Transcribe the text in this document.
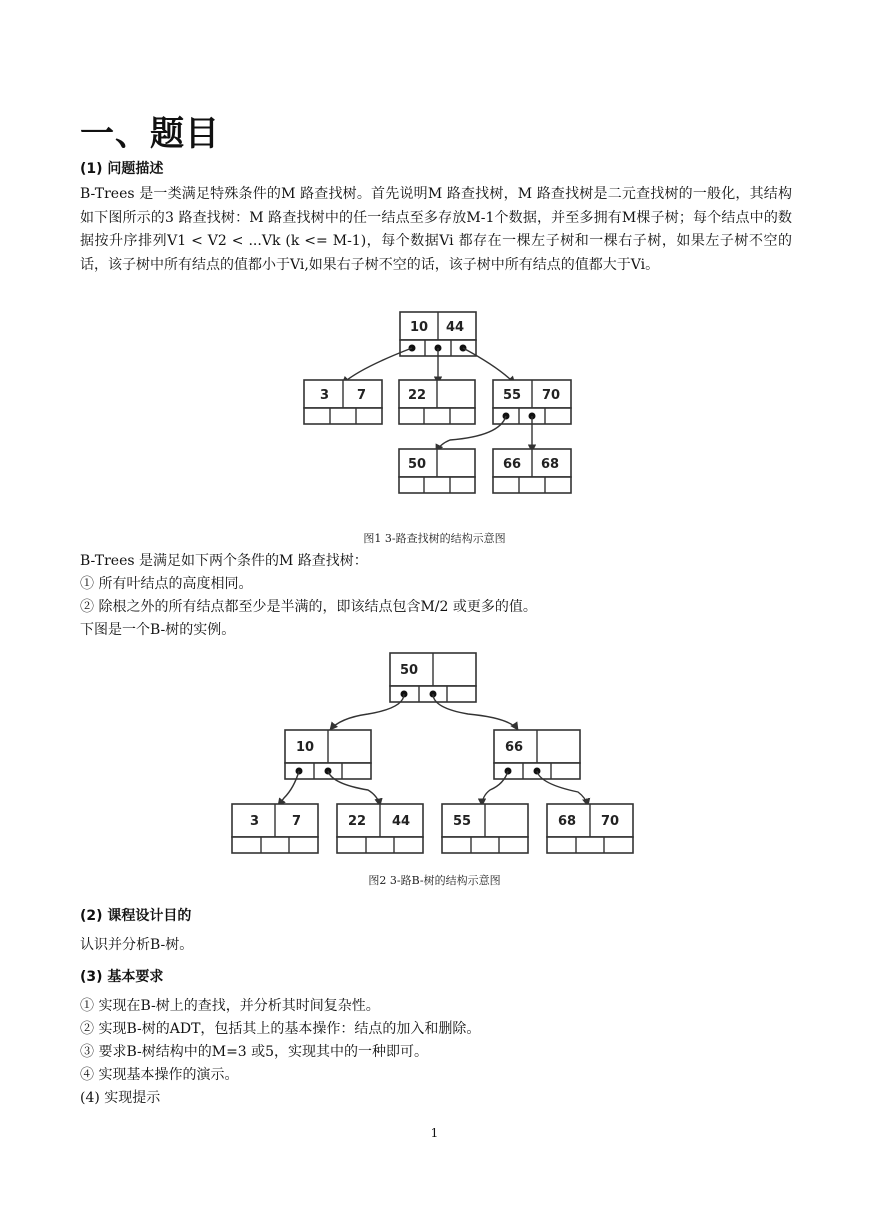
一、题目
(1) 问题描述
B-Trees 是一类满足特殊条件的M 路查找树。首先说明M 路查找树，M 路查找树是二元查找树的一般化，其结构如下图所示的3 路查找树：M 路查找树中的任一结点至多存放M-1个数据，并至多拥有M棵子树；每个结点中的数据按升序排列V1 < V2 < ...Vk (k <= M-1)，每个数据Vi 都存在一棵左子树和一棵右子树，如果左子树不空的话，该子树中所有结点的值都小于Vi,如果右子树不空的话，该子树中所有结点的值都大于Vi。
10 44
3 7	22	55 70
50	66 68
图1 3-路查找树的结构示意图
B-Trees 是满足如下两个条件的M 路查找树：
① 所有叶结点的高度相同。
② 除根之外的所有结点都至少是半满的，即该结点包含M/2 或更多的值。
下图是一个B-树的实例。
50
10	66
3	7	22 44	55	68 70
图2 3-路B-树的结构示意图
(2) 课程设计目的
认识并分析B-树。
(3) 基本要求
① 实现在B-树上的查找，并分析其时间复杂性。
② 实现B-树的ADT，包括其上的基本操作：结点的加入和删除。
③ 要求B-树结构中的M=3 或5，实现其中的一种即可。
④ 实现基本操作的演示。
(4) 实现提示
1
